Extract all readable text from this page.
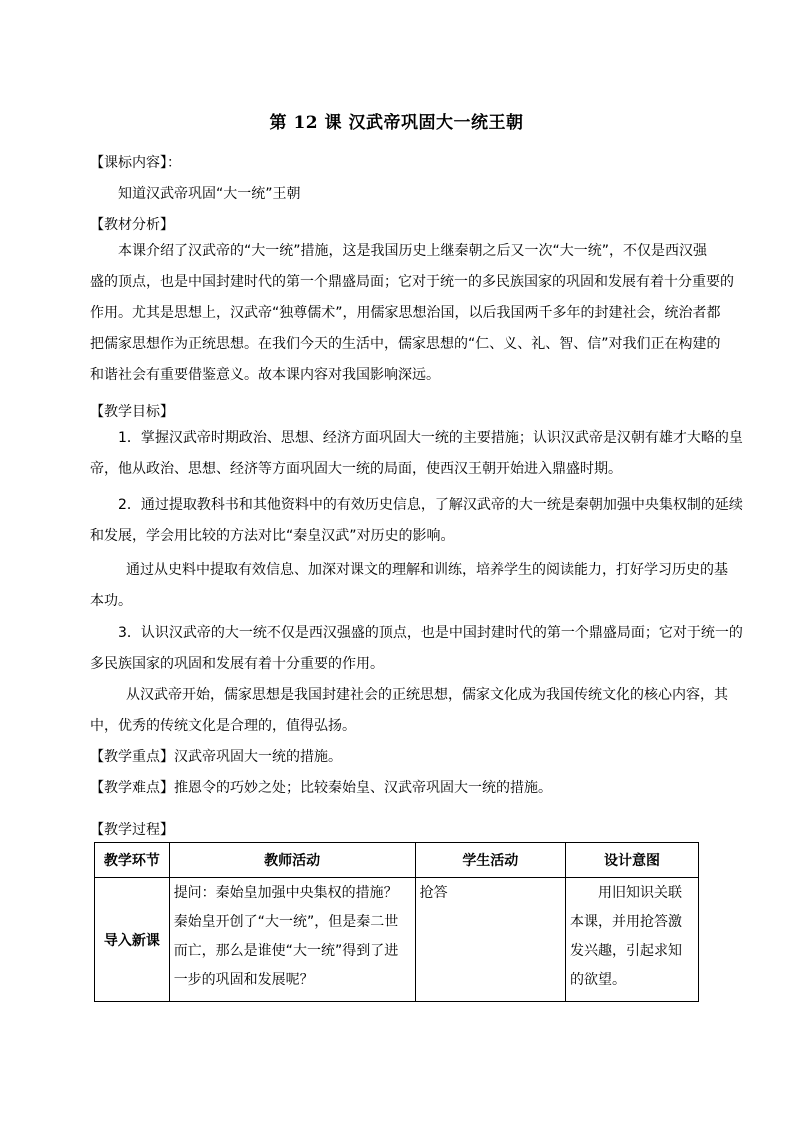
第 12 课 汉武帝巩固大一统王朝
【课标内容】：
知道汉武帝巩固“大一统”王朝
【教材分析】
本课介绍了汉武帝的“大一统”措施，这是我国历史上继秦朝之后又一次“大一统”，不仅是西汉强
盛的顶点，也是中国封建时代的第一个鼎盛局面；它对于统一的多民族国家的巩固和发展有着十分重要的
作用。尤其是思想上，汉武帝“独尊儒术”，用儒家思想治国，以后我国两千多年的封建社会，统治者都
把儒家思想作为正统思想。在我们今天的生活中，儒家思想的“仁、义、礼、智、信”对我们正在构建的
和谐社会有重要借鉴意义。故本课内容对我国影响深远。
【教学目标】
1．掌握汉武帝时期政治、思想、经济方面巩固大一统的主要措施；认识汉武帝是汉朝有雄才大略的皇
帝，他从政治、思想、经济等方面巩固大一统的局面，使西汉王朝开始进入鼎盛时期。
2．通过提取教科书和其他资料中的有效历史信息，了解汉武帝的大一统是秦朝加强中央集权制的延续
和发展，学会用比较的方法对比“秦皇汉武”对历史的影响。
通过从史料中提取有效信息、加深对课文的理解和训练，培养学生的阅读能力，打好学习历史的基
本功。
3．认识汉武帝的大一统不仅是西汉强盛的顶点，也是中国封建时代的第一个鼎盛局面；它对于统一的
多民族国家的巩固和发展有着十分重要的作用。
从汉武帝开始，儒家思想是我国封建社会的正统思想，儒家文化成为我国传统文化的核心内容，其
中，优秀的传统文化是合理的，值得弘扬。
【教学重点】汉武帝巩固大一统的措施。
【教学难点】推恩令的巧妙之处；比较秦始皇、汉武帝巩固大一统的措施。
【教学过程】
教学环节	教师活动	学生活动	设计意图
导入新课	提问：秦始皇加强中央集权的措施？
秦始皇开创了“大一统”，但是秦二世
而亡，那么是谁使“大一统”得到了进
一步的巩固和发展呢？	抢答	用旧知识关联
本课，并用抢答激
发兴趣，引起求知
的欲望。
